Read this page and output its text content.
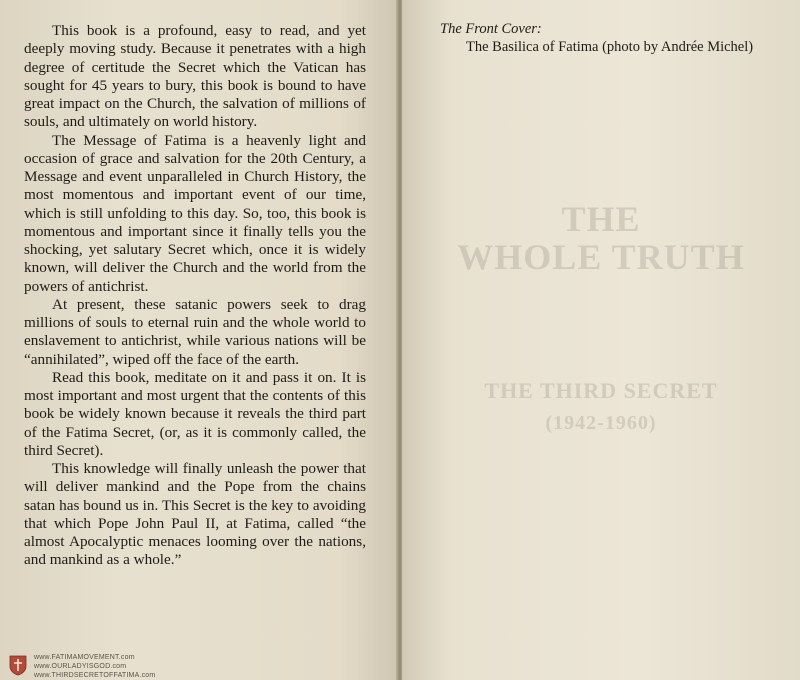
This book is a profound, easy to read, and yet deeply moving study. Because it penetrates with a high degree of certitude the Secret which the Vatican has sought for 45 years to bury, this book is bound to have great impact on the Church, the salvation of millions of souls, and ultimately on world history.

The Message of Fatima is a heavenly light and occasion of grace and salvation for the 20th Century, a Message and event unparalleled in Church History, the most momentous and important event of our time, which is still unfolding to this day. So, too, this book is momentous and important since it finally tells you the shocking, yet salutary Secret which, once it is widely known, will deliver the Church and the world from the powers of antichrist.

At present, these satanic powers seek to drag millions of souls to eternal ruin and the whole world to enslavement to antichrist, while various nations will be “annihilated”, wiped off the face of the earth.

Read this book, meditate on it and pass it on. It is most important and most urgent that the contents of this book be widely known because it reveals the third part of the Fatima Secret, (or, as it is commonly called, the third Secret).

This knowledge will finally unleash the power that will deliver mankind and the Pope from the chains satan has bound us in. This Secret is the key to avoiding that which Pope John Paul II, at Fatima, called “the almost Apocalyptic menaces looming over the nations, and mankind as a whole.”

THE
WHOLE TRUTH
THE THIRD SECRET
(1942-1960)
The Front Cover:
The Basilica of Fatima (photo by Andrée Michel)
www.FATIMAMOVEMENT.com
www.OURLADYISGOD.com
www.THIRDSECRETOFFATIMA.com
